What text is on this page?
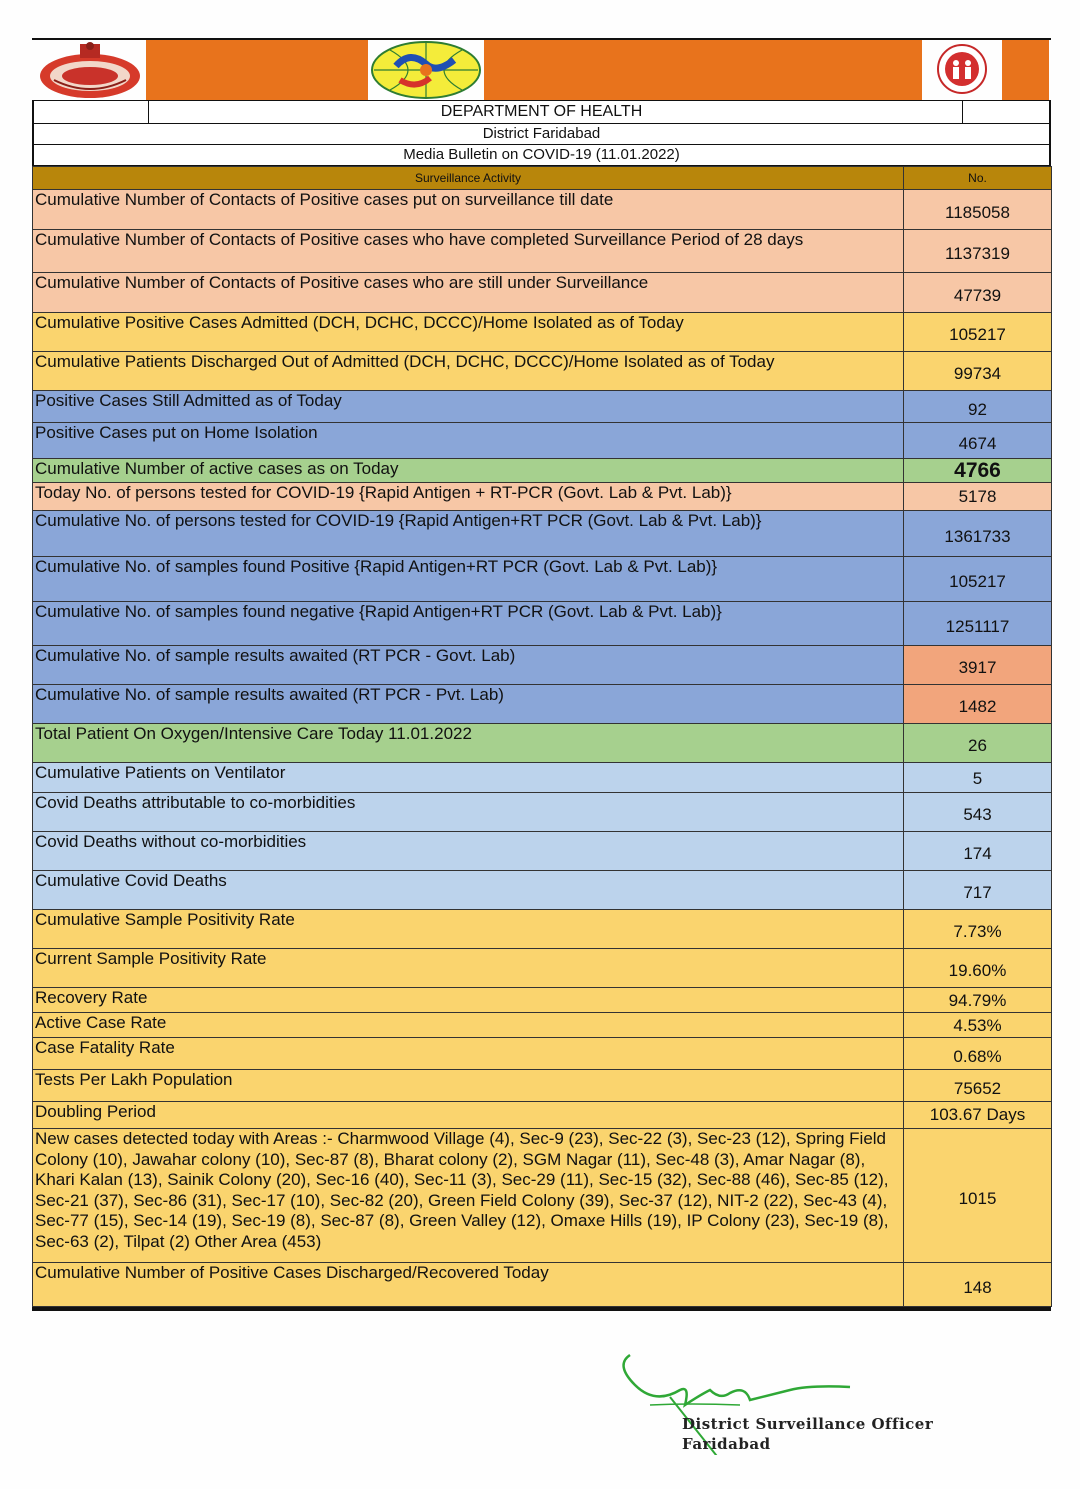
DEPARTMENT OF HEALTH
District Faridabad
Media Bulletin on COVID-19 (11.01.2022)
Surveillance Activity	No.
Cumulative Number of Contacts of Positive cases put on surveillance till date	1185058
Cumulative Number of Contacts of Positive cases who have completed Surveillance Period of 28 days	1137319
Cumulative Number of Contacts of Positive cases who are still under Surveillance	47739
Cumulative Positive Cases Admitted (DCH, DCHC, DCCC)/Home Isolated as of Today	105217
Cumulative Patients Discharged Out of Admitted (DCH, DCHC, DCCC)/Home Isolated as of Today	99734
Positive Cases Still Admitted as of Today	92
Positive Cases put on Home Isolation	4674
Cumulative Number of active cases as on Today	4766
Today No. of persons tested for COVID-19 {Rapid Antigen + RT-PCR (Govt. Lab & Pvt. Lab)}	5178
Cumulative No. of persons tested for COVID-19 {Rapid Antigen+RT PCR (Govt. Lab & Pvt. Lab)}	1361733
Cumulative No. of samples found Positive {Rapid Antigen+RT PCR (Govt. Lab & Pvt. Lab)}	105217
Cumulative No. of samples found negative {Rapid Antigen+RT PCR (Govt. Lab & Pvt. Lab)}	1251117
Cumulative No. of sample results awaited (RT PCR - Govt. Lab)	3917
Cumulative No. of sample results awaited (RT PCR - Pvt. Lab)	1482
Total Patient On Oxygen/Intensive Care Today 11.01.2022	26
Cumulative Patients on Ventilator	5
Covid Deaths attributable to co-morbidities	543
Covid Deaths without co-morbidities	174
Cumulative Covid Deaths	717
Cumulative Sample Positivity Rate	7.73%
Current Sample Positivity Rate	19.60%
Recovery Rate	94.79%
Active Case Rate	4.53%
Case Fatality Rate	0.68%
Tests Per Lakh Population	75652
Doubling Period	103.67 Days
New cases detected today with Areas :- Charmwood Village (4), Sec-9 (23), Sec-22 (3), Sec-23 (12), Spring Field Colony (10), Jawahar colony (10), Sec-87 (8), Bharat colony (2), SGM Nagar (11), Sec-48 (3), Amar Nagar (8), Khari Kalan (13), Sainik Colony (20), Sec-16 (40), Sec-11 (3), Sec-29 (11), Sec-15 (32), Sec-88 (46), Sec-85 (12), Sec-21 (37), Sec-86 (31), Sec-17 (10), Sec-82 (20), Green Field Colony (39), Sec-37 (12), NIT-2 (22), Sec-43 (4), Sec-77 (15), Sec-14 (19), Sec-19 (8), Sec-87 (8), Green Valley (12), Omaxe Hills (19), IP Colony (23), Sec-19 (8), Sec-63 (2), Tilpat (2) Other Area (453)	1015
Cumulative Number of Positive Cases Discharged/Recovered Today	148
District Surveillance Officer
Faridabad
